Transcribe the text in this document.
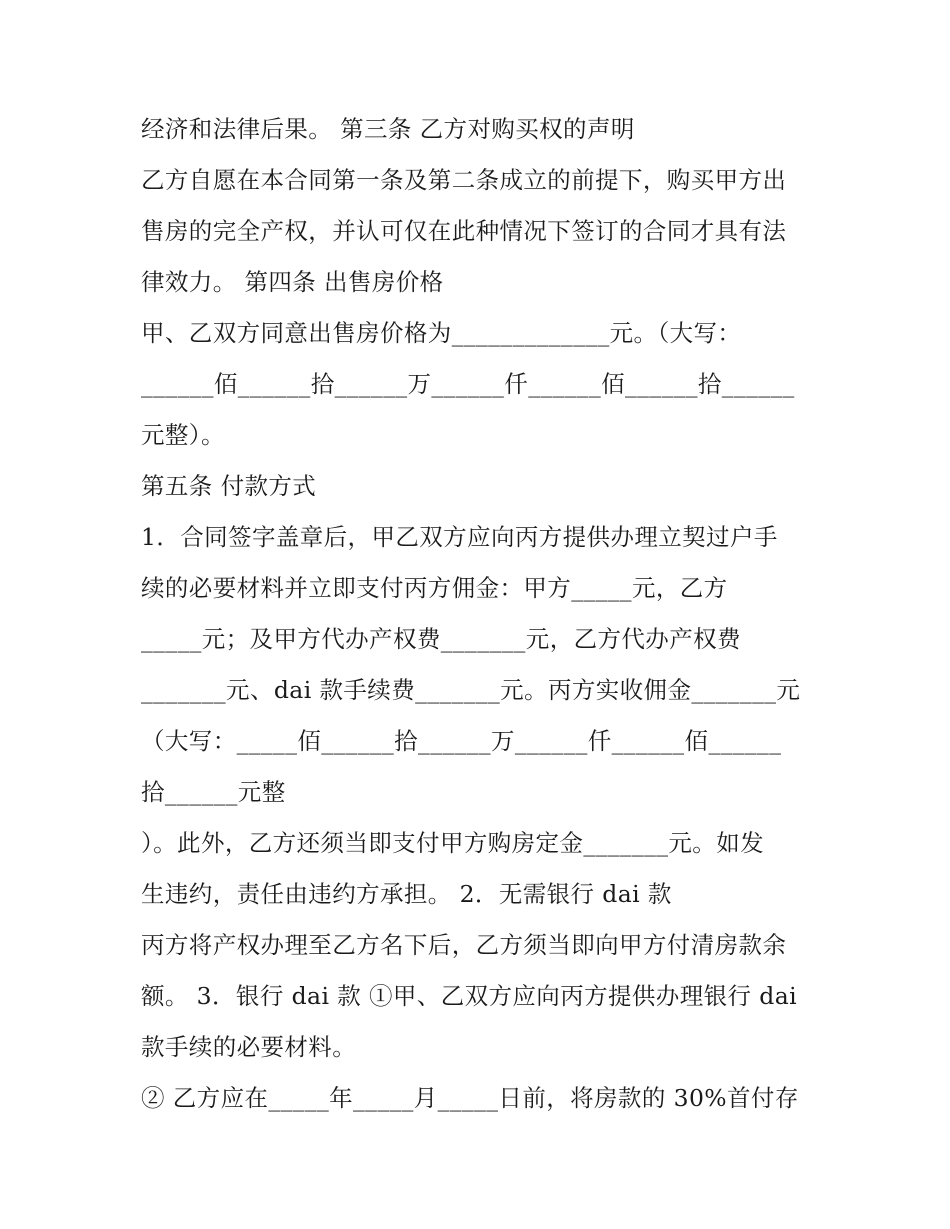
经济和法律后果。 第三条 乙方对购买权的声明
乙方自愿在本合同第一条及第二条成立的前提下，购买甲方出
售房的完全产权，并认可仅在此种情况下签订的合同才具有法
律效力。 第四条 出售房价格
甲、乙双方同意出售房价格为_____________元。（大写：
______佰______拾______万______仟______佰______拾______
元整）。
第五条 付款方式
1．合同签字盖章后，甲乙双方应向丙方提供办理立契过户手
续的必要材料并立即支付丙方佣金：甲方_____元，乙方
_____元；及甲方代办产权费_______元，乙方代办产权费
_______元、dai 款手续费_______元。丙方实收佣金_______元
（大写：_____佰______拾______万______仟______佰______
拾______元整
）。此外，乙方还须当即支付甲方购房定金_______元。如发
生违约，责任由违约方承担。 2．无需银行 dai 款
丙方将产权办理至乙方名下后，乙方须当即向甲方付清房款余
额。 3．银行 dai 款 ①甲、乙双方应向丙方提供办理银行 dai
款手续的必要材料。
② 乙方应在_____年_____月_____日前，将房款的 30%首付存
